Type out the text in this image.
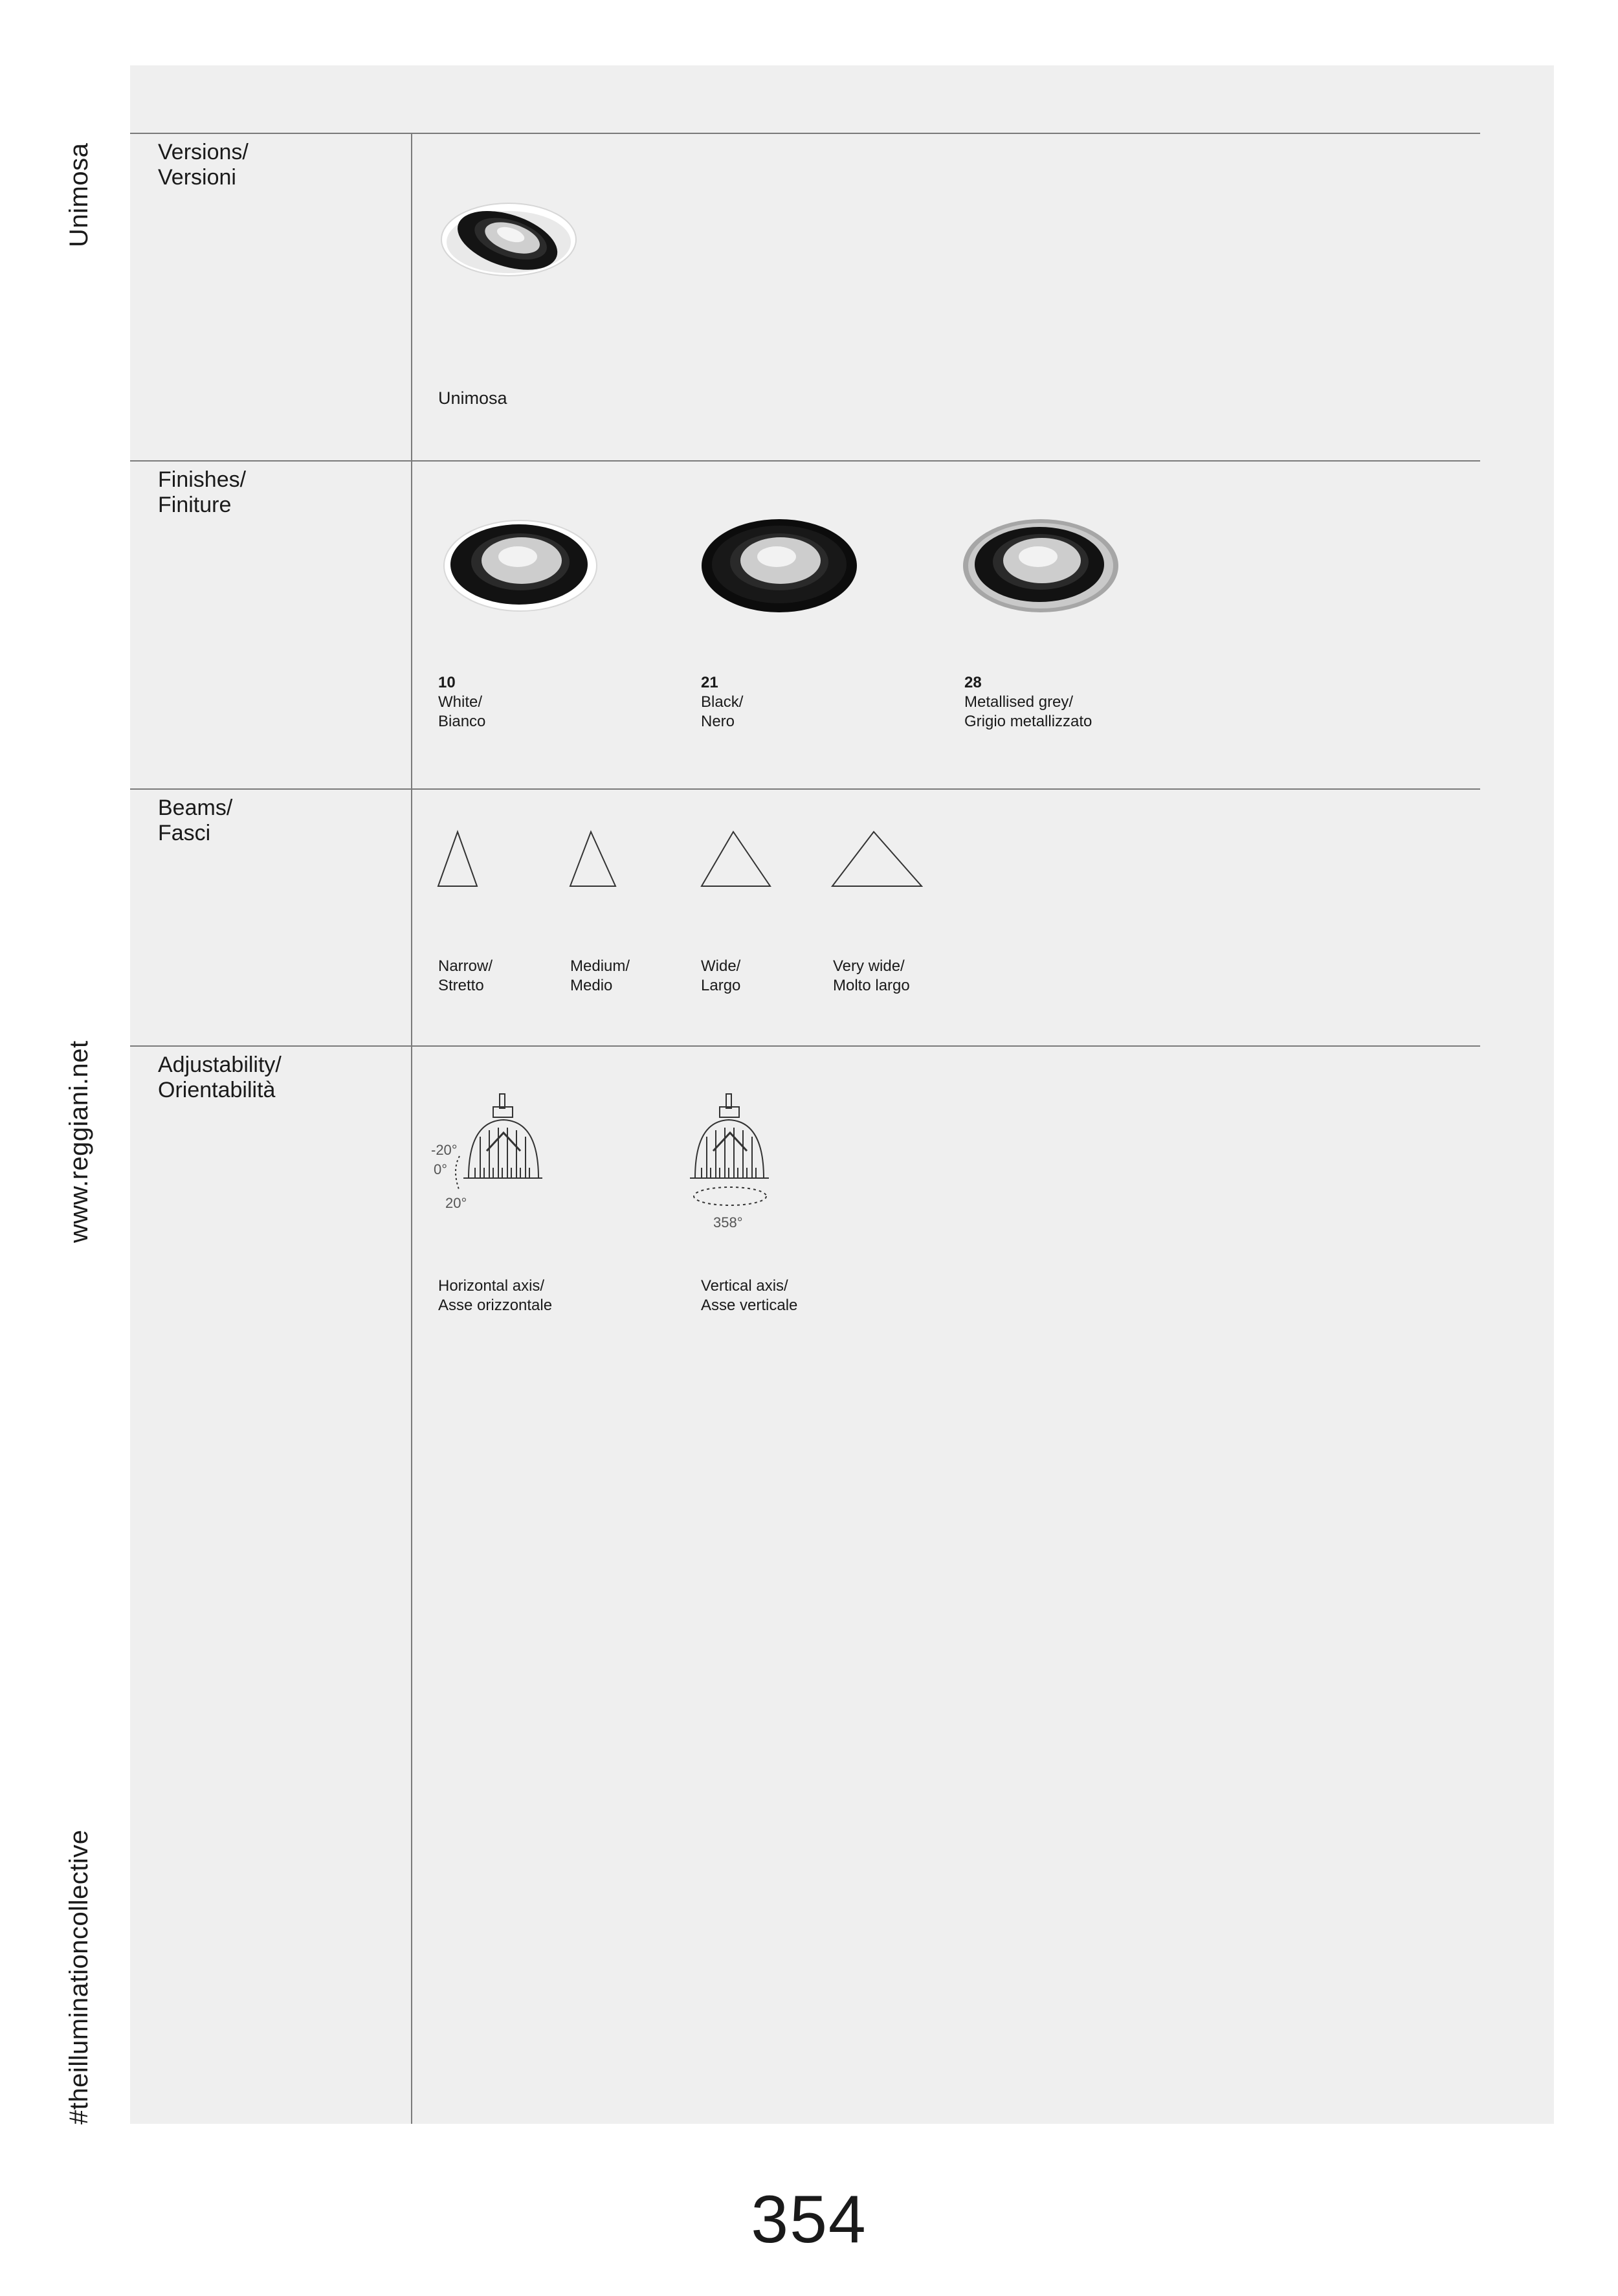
Unimosa
www.reggiani.net
#theilluminationcollective
Versions/
Versioni
Unimosa
Finishes/
Finiture
10
White/
Bianco
21
Black/
Nero
28
Metallised grey/
Grigio metallizzato
Beams/
Fasci
Narrow/
Stretto
Medium/
Medio
Wide/
Largo
Very wide/
Molto largo
Adjustability/
Orientabilità
-20°
0°
20°
358°
Horizontal axis/
Asse orizzontale
Vertical axis/
Asse verticale
354
